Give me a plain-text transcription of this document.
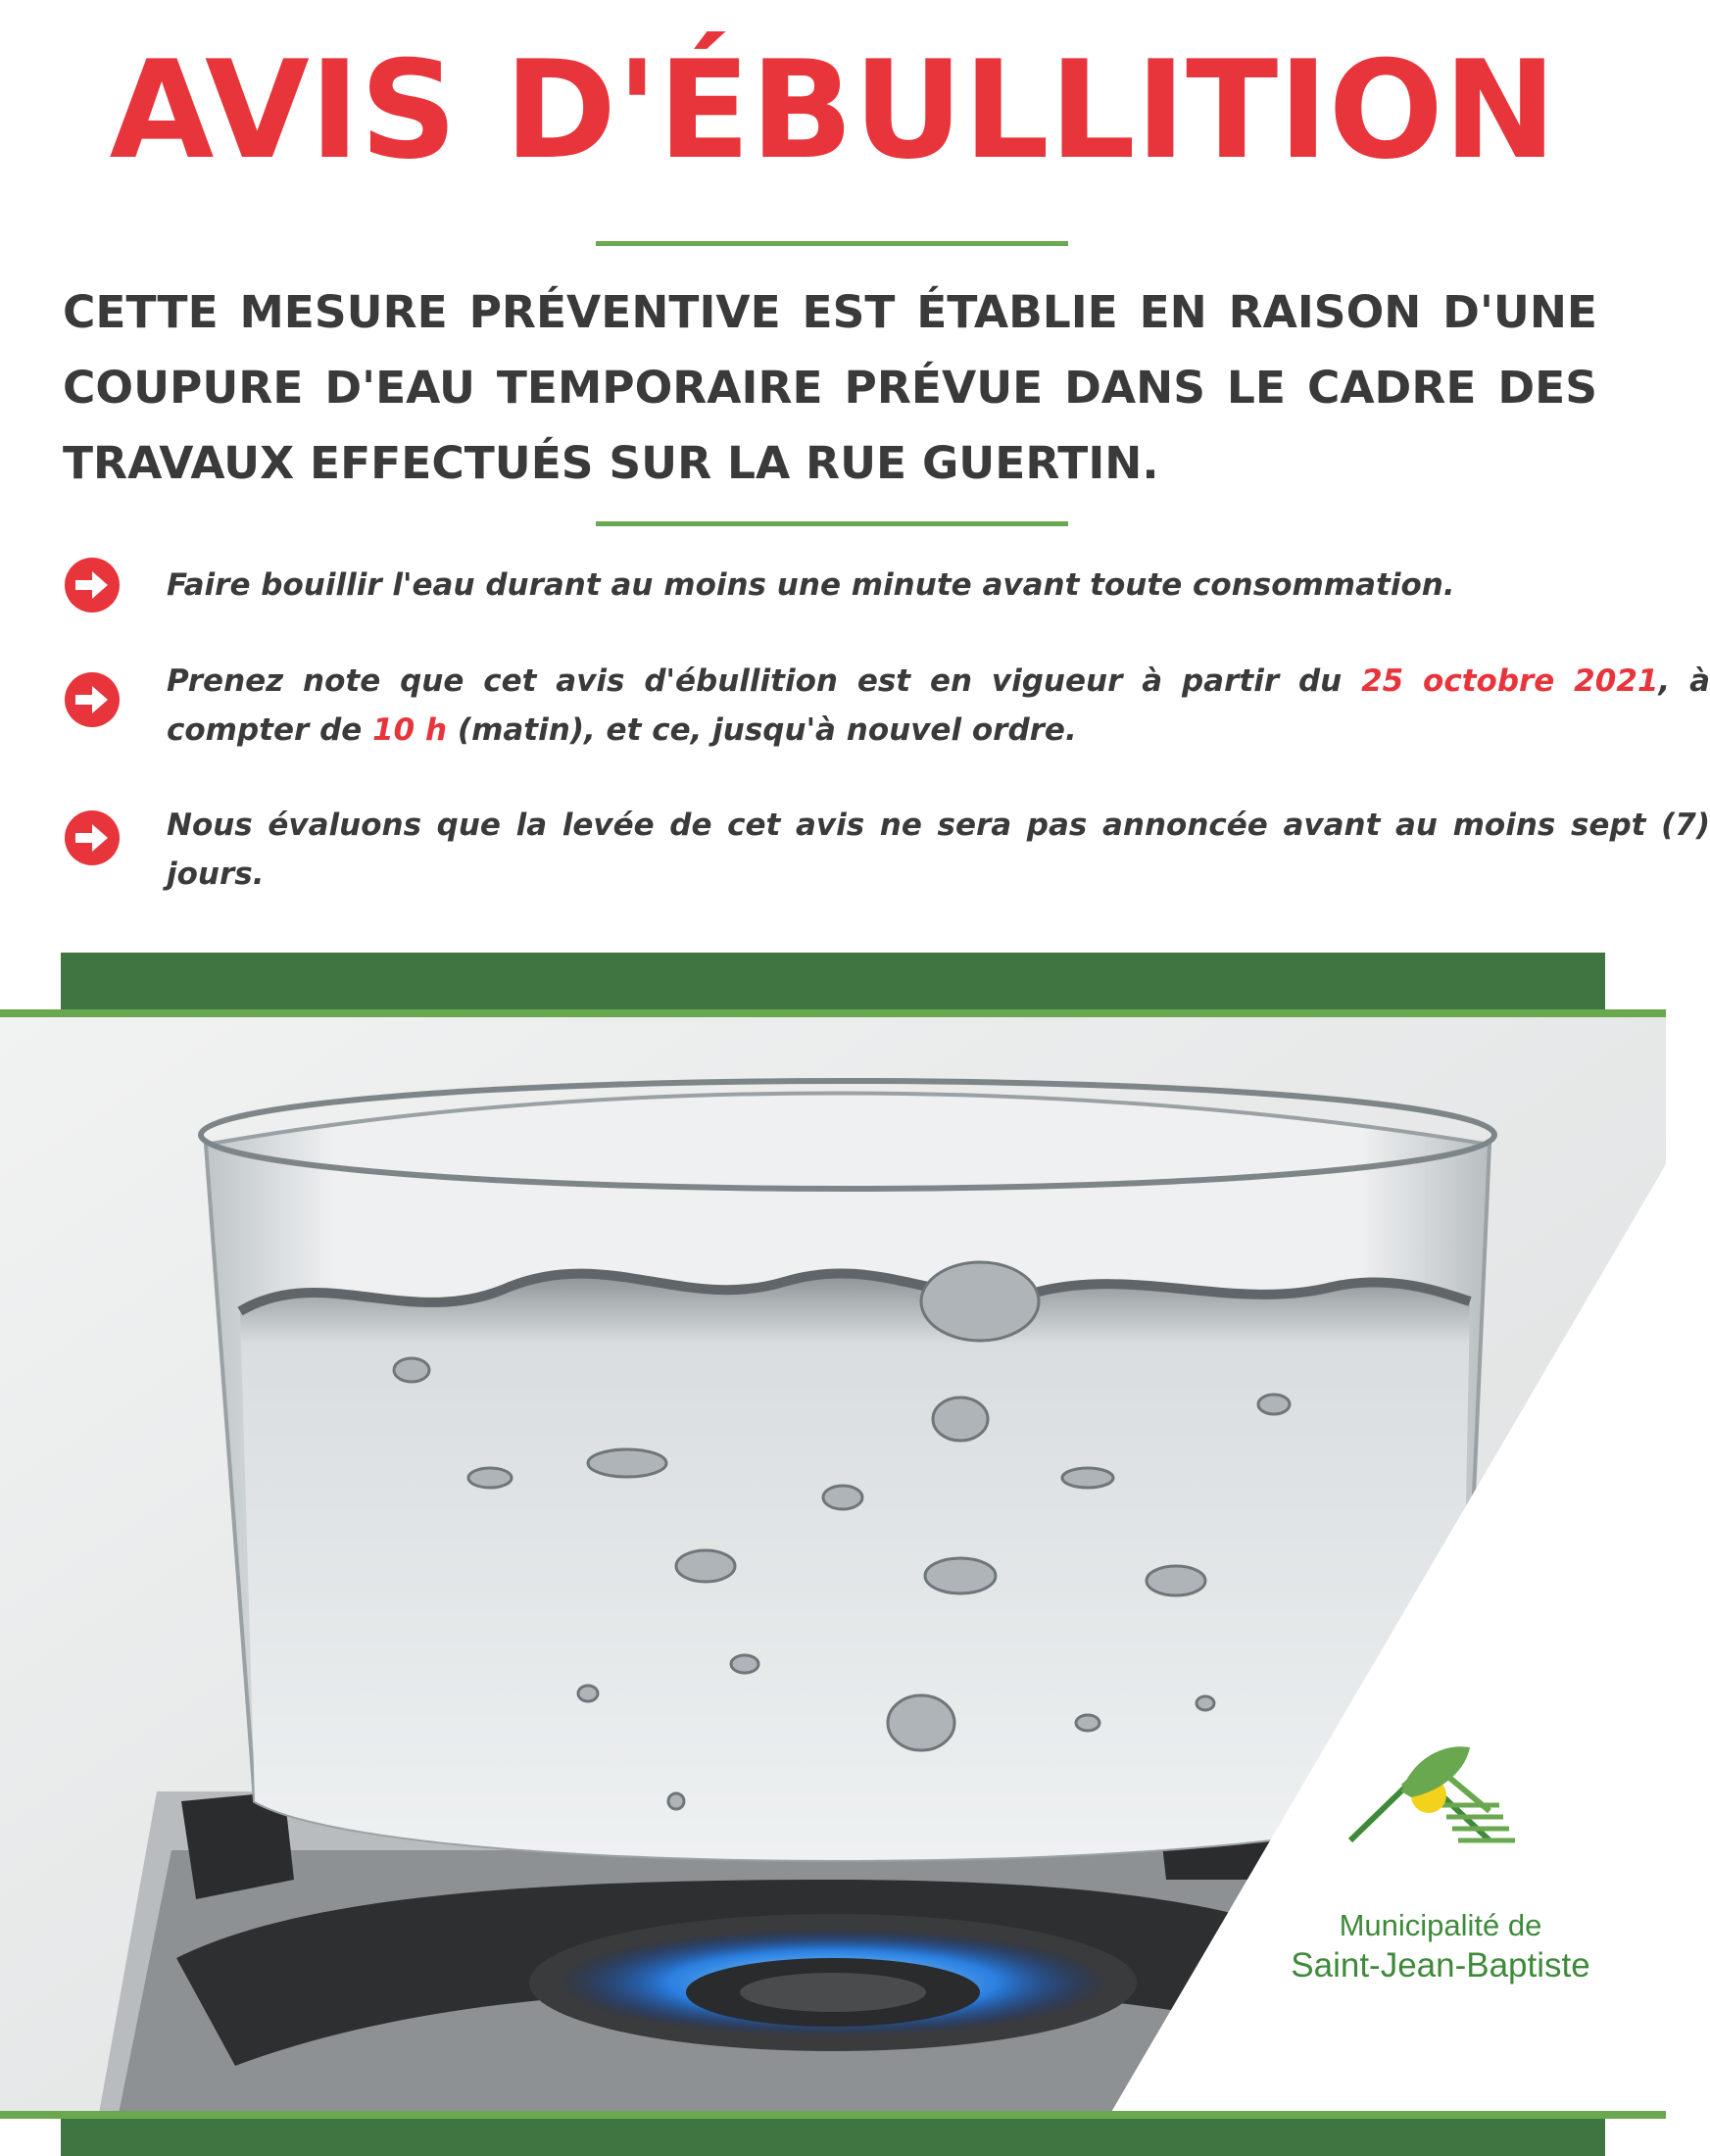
AVIS D'ÉBULLITION

CETTE MESURE PRÉVENTIVE EST ÉTABLIE EN RAISON D'UNE COUPURE D'EAU TEMPORAIRE PRÉVUE DANS LE CADRE DES TRAVAUX EFFECTUÉS SUR LA RUE GUERTIN.

Faire bouillir l'eau durant au moins une minute avant toute consommation.
Prenez note que cet avis d'ébullition est en vigueur à partir du 25 octobre 2021, à compter de 10 h (matin), et ce, jusqu'à nouvel ordre.
Nous évaluons que la levée de cet avis ne sera pas annoncée avant au moins sept (7) jours.

Municipalité de

Saint-Jean-Baptiste
